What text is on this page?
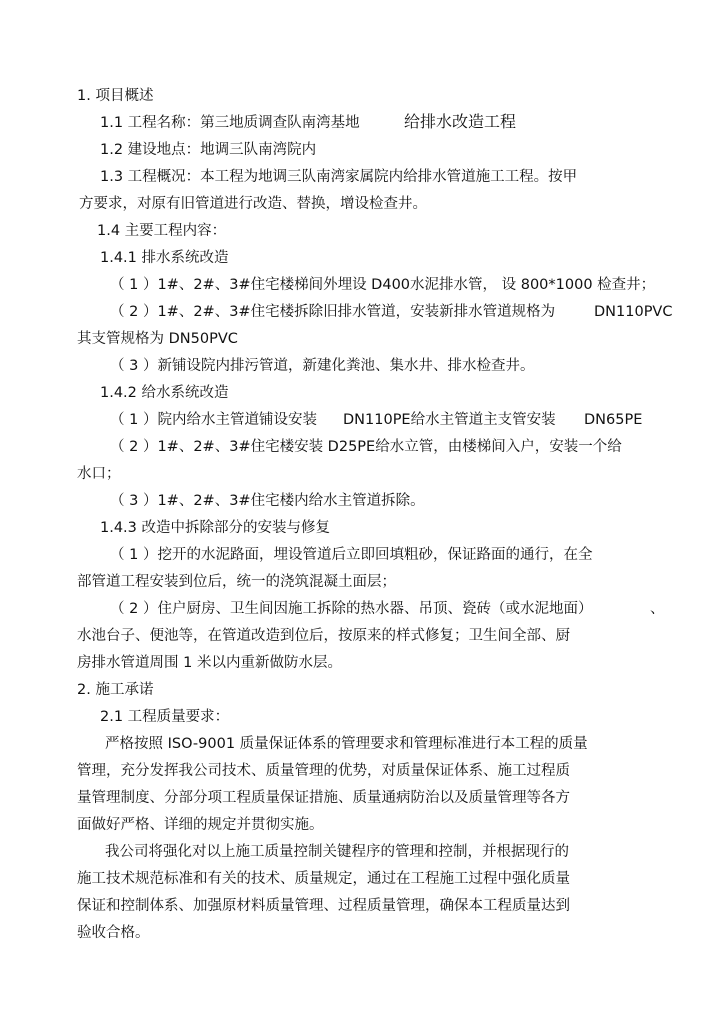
1. 项目概述
1.1 工程名称：第三地质调查队南湾基地	给排水改造工程
1.2 建设地点：地调三队南湾院内
1.3 工程概况：本工程为地调三队南湾家属院内给排水管道施工工程。按甲
方要求，对原有旧管道进行改造、替换，增设检查井。
1.4 主要工程内容：
1.4.1 排水系统改造
（ 1 ）1#、2#、3#住宅楼梯间外埋设 D400水泥排水管， 设 800*1000 检查井；
（ 2 ）1#、2#、3#住宅楼拆除旧排水管道，安装新排水管道规格为	DN110PVC
其支管规格为 DN50PVC
（ 3 ）新铺设院内排污管道，新建化粪池、集水井、排水检查井。
1.4.2 给水系统改造
（ 1 ）院内给水主管道铺设安装 DN110PE给水主管道主支管安装 DN65PE
（ 2 ）1#、2#、3#住宅楼安装 D25PE给水立管，由楼梯间入户，安装一个给
水口；
（ 3 ）1#、2#、3#住宅楼内给水主管道拆除。
1.4.3 改造中拆除部分的安装与修复
（ 1 ）挖开的水泥路面，埋设管道后立即回填粗砂，保证路面的通行，在全
部管道工程安装到位后，统一的浇筑混凝土面层；
（ 2 ）住户厨房、卫生间因施工拆除的热水器、吊顶、瓷砖（或水泥地面）	、
水池台子、便池等，在管道改造到位后，按原来的样式修复；卫生间全部、厨
房排水管道周围 1 米以内重新做防水层。
2. 施工承诺
2.1 工程质量要求：
严格按照 ISO-9001 质量保证体系的管理要求和管理标准进行本工程的质量
管理，充分发挥我公司技术、质量管理的优势，对质量保证体系、施工过程质
量管理制度、分部分项工程质量保证措施、质量通病防治以及质量管理等各方
面做好严格、详细的规定并贯彻实施。
我公司将强化对以上施工质量控制关键程序的管理和控制，并根据现行的
施工技术规范标准和有关的技术、质量规定，通过在工程施工过程中强化质量
保证和控制体系、加强原材料质量管理、过程质量管理，确保本工程质量达到
验收合格。
